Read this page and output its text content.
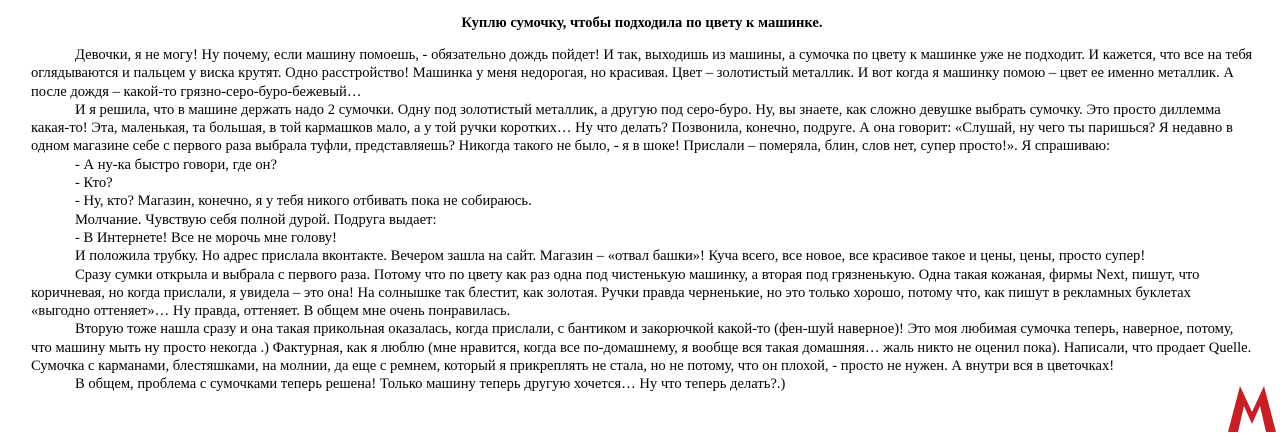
Куплю сумочку, чтобы подходила по цвету к машинке.

Девочки, я не могу! Ну почему, если машину помоешь, - обязательно дождь пойдет! И так, выходишь из машины, а сумочка по цвету к машинке уже не подходит. И кажется, что все на тебя оглядываются и пальцем у виска крутят. Одно расстройство! Машинка у меня недорогая, но красивая. Цвет – золотистый металлик. И вот когда я машинку помою – цвет ее именно металлик. А после дождя – какой-то грязно-серо-буро-бежевый…

И я решила, что в машине держать надо 2 сумочки. Одну под золотистый металлик, а другую под серо-буро. Ну, вы знаете, как сложно девушке выбрать сумочку. Это просто диллемма какая-то! Эта, маленькая, та большая, в той кармашков мало, а у той ручки коротких… Ну что делать? Позвонила, конечно, подруге. А она говорит: «Слушай, ну чего ты паришься? Я недавно в одном магазине себе с первого раза выбрала туфли, представляешь? Никогда такого не было, - я в шоке! Прислали – померяла, блин, слов нет, супер просто!». Я спрашиваю:

- А ну-ка быстро говори, где он?

- Кто?

- Ну, кто? Магазин, конечно, я у тебя никого отбивать пока не собираюсь.

Молчание. Чувствую себя полной дурой. Подруга выдает:

- В Интернете! Все не морочь мне голову!

И положила трубку. Но адрес прислала вконтакте. Вечером зашла на сайт. Магазин – «отвал башки»! Куча всего, все новое, все красивое такое и цены, цены, просто супер!

Сразу сумки открыла и выбрала с первого раза. Потому что по цвету как раз одна под чистенькую машинку, а вторая под грязненькую. Одна такая кожаная, фирмы Next, пишут, что коричневая, но когда прислали, я увидела – это она! На солнышке так блестит, как золотая. Ручки правда черненькие, но это только хорошо, потому что, как пишут в рекламных буклетах «выгодно оттеняет»… Ну правда, оттеняет. В общем мне очень понравилась.

Вторую тоже нашла сразу и она такая прикольная оказалась, когда прислали, с бантиком и закорючкой какой-то (фен-шуй наверное)! Это моя любимая сумочка теперь, наверное, потому, что машину мыть ну просто некогда .) Фактурная, как я люблю (мне нравится, когда все по-домашнему, я вообще вся такая домашняя… жаль никто не оценил пока). Написали, что продает Quelle. Сумочка с карманами, блестяшками, на молнии, да еще с ремнем, который я прикреплять не стала, но не потому, что он плохой, - просто не нужен. А внутри вся в цветочках!

В общем, проблема с сумочками теперь решена! Только машину теперь другую хочется… Ну что теперь делать?.)
